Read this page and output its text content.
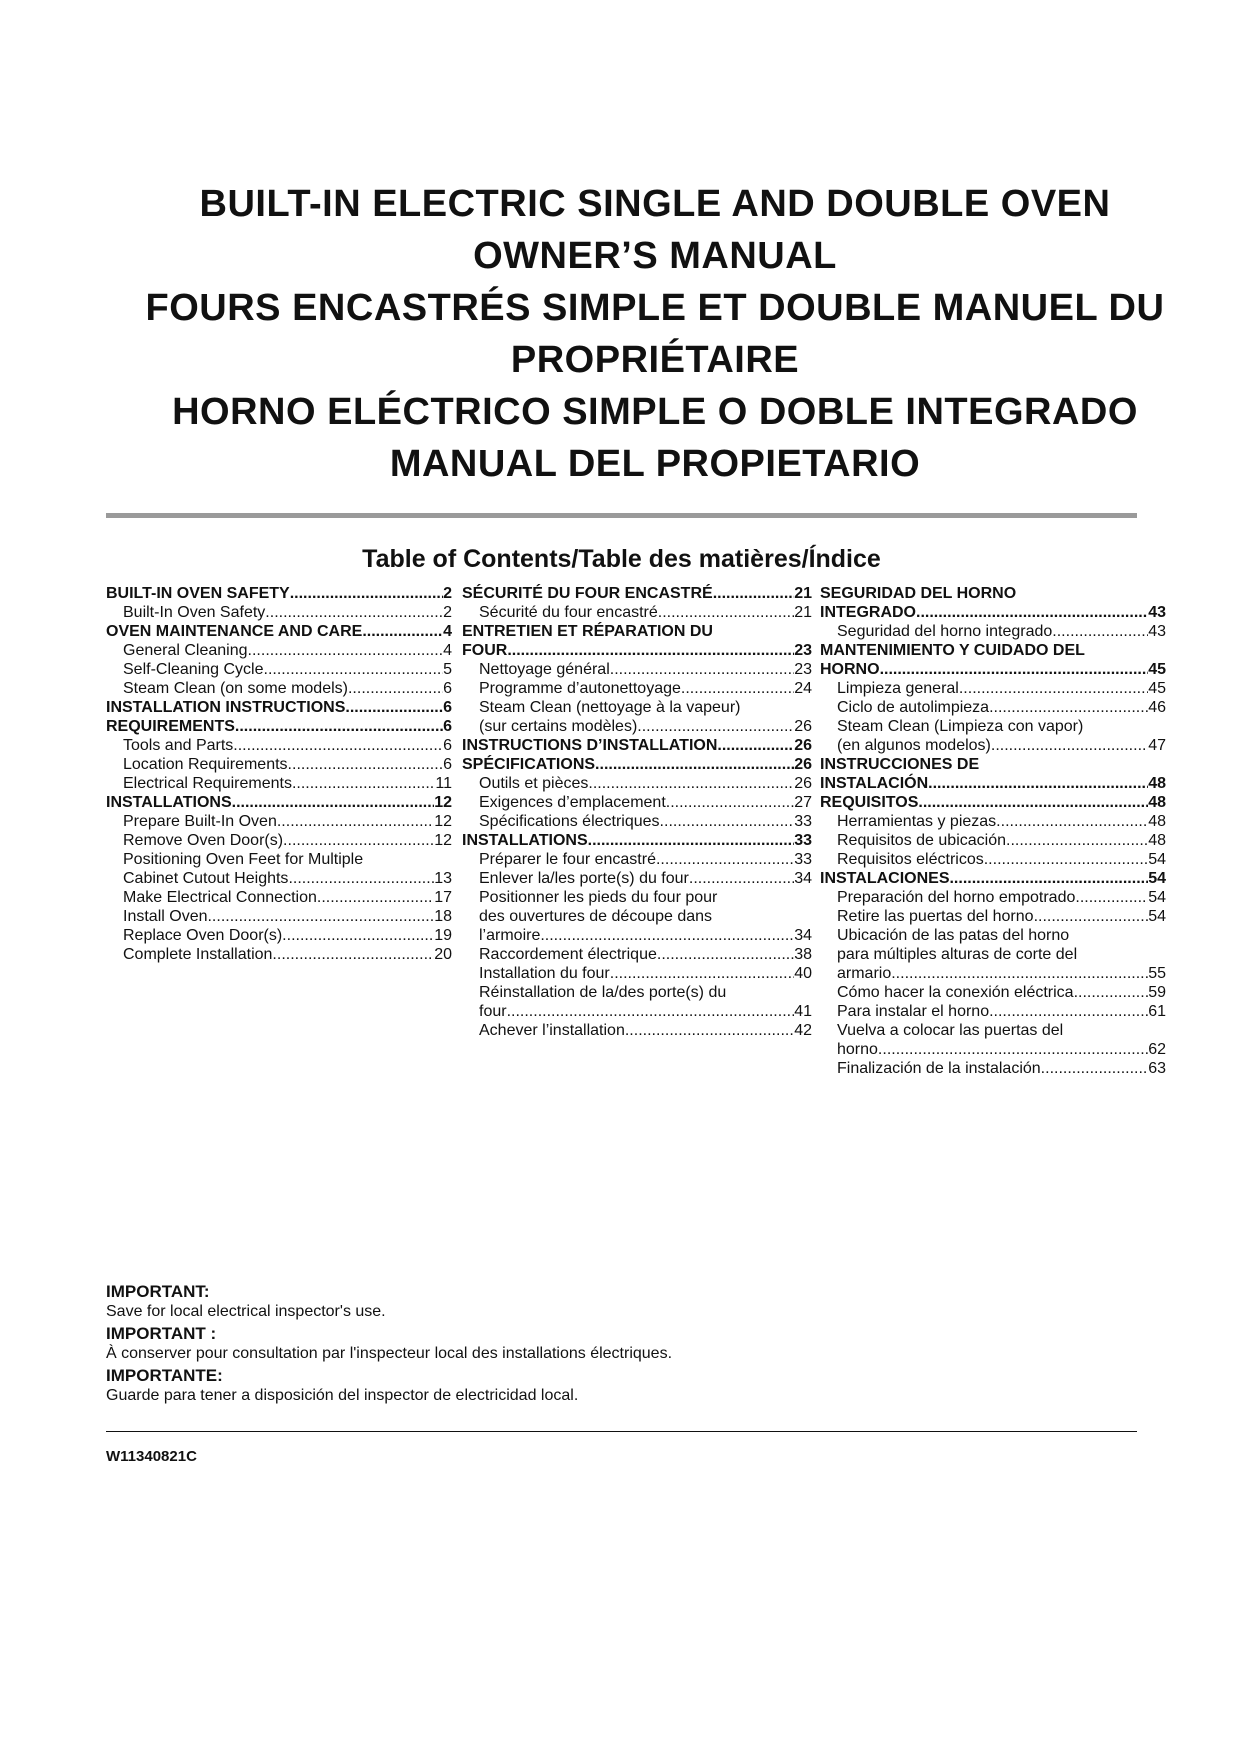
BUILT-IN ELECTRIC SINGLE AND DOUBLE OVEN
OWNER’S MANUAL
FOURS ENCASTRÉS SIMPLE ET DOUBLE MANUEL DU
PROPRIÉTAIRE
HORNO ELÉCTRICO SIMPLE O DOBLE INTEGRADO
MANUAL DEL PROPIETARIO
Table of Contents/Table des matières/Índice
BUILT-IN OVEN SAFETY .....	2
Built-In Oven Safety .....	2
OVEN MAINTENANCE AND CARE .....	4
General Cleaning .....	4
Self-Cleaning Cycle .....	5
Steam Clean (on some models) .....	6
INSTALLATION INSTRUCTIONS .....	6
REQUIREMENTS .....	6
Tools and Parts .....	6
Location Requirements .....	6
Electrical Requirements .....	11
INSTALLATIONS .....	12
Prepare Built-In Oven .....	12
Remove Oven Door(s) .....	12
Positioning Oven Feet for Multiple
Cabinet Cutout Heights .....	13
Make Electrical Connection .....	17
Install Oven .....	18
Replace Oven Door(s) .....	19
Complete Installation .....	20
SÉCURITÉ DU FOUR ENCASTRÉ .....	21
Sécurité du four encastré .....	21
ENTRETIEN ET RÉPARATION DU
FOUR .....	23
Nettoyage général .....	23
Programme d’autonettoyage .....	24
Steam Clean (nettoyage à la vapeur)
(sur certains modèles) .....	26
INSTRUCTIONS D’INSTALLATION .....	26
SPÉCIFICATIONS .....	26
Outils et pièces .....	26
Exigences d’emplacement .....	27
Spécifications électriques .....	33
INSTALLATIONS .....	33
Préparer le four encastré .....	33
Enlever la/les porte(s) du four .....	34
Positionner les pieds du four pour
des ouvertures de découpe dans
l’armoire .....	34
Raccordement électrique .....	38
Installation du four .....	40
Réinstallation de la/des porte(s) du
four .....	41
Achever l’installation .....	42
SEGURIDAD DEL HORNO
INTEGRADO .....	43
Seguridad del horno integrado .....	43
MANTENIMIENTO Y CUIDADO DEL
HORNO .....	45
Limpieza general .....	45
Ciclo de autolimpieza .....	46
Steam Clean (Limpieza con vapor)
(en algunos modelos) .....	47
INSTRUCCIONES DE
INSTALACIÓN .....	48
REQUISITOS .....	48
Herramientas y piezas .....	48
Requisitos de ubicación .....	48
Requisitos eléctricos .....	54
INSTALACIONES .....	54
Preparación del horno empotrado .....	54
Retire las puertas del horno .....	54
Ubicación de las patas del horno
para múltiples alturas de corte del
armario .....	55
Cómo hacer la conexión eléctrica .....	59
Para instalar el horno .....	61
Vuelva a colocar las puertas del
horno .....	62
Finalización de la instalación .....	63
IMPORTANT:
Save for local electrical inspector's use.
IMPORTANT :
À conserver pour consultation par l'inspecteur local des installations électriques.
IMPORTANTE:
Guarde para tener a disposición del inspector de electricidad local.
W11340821C
